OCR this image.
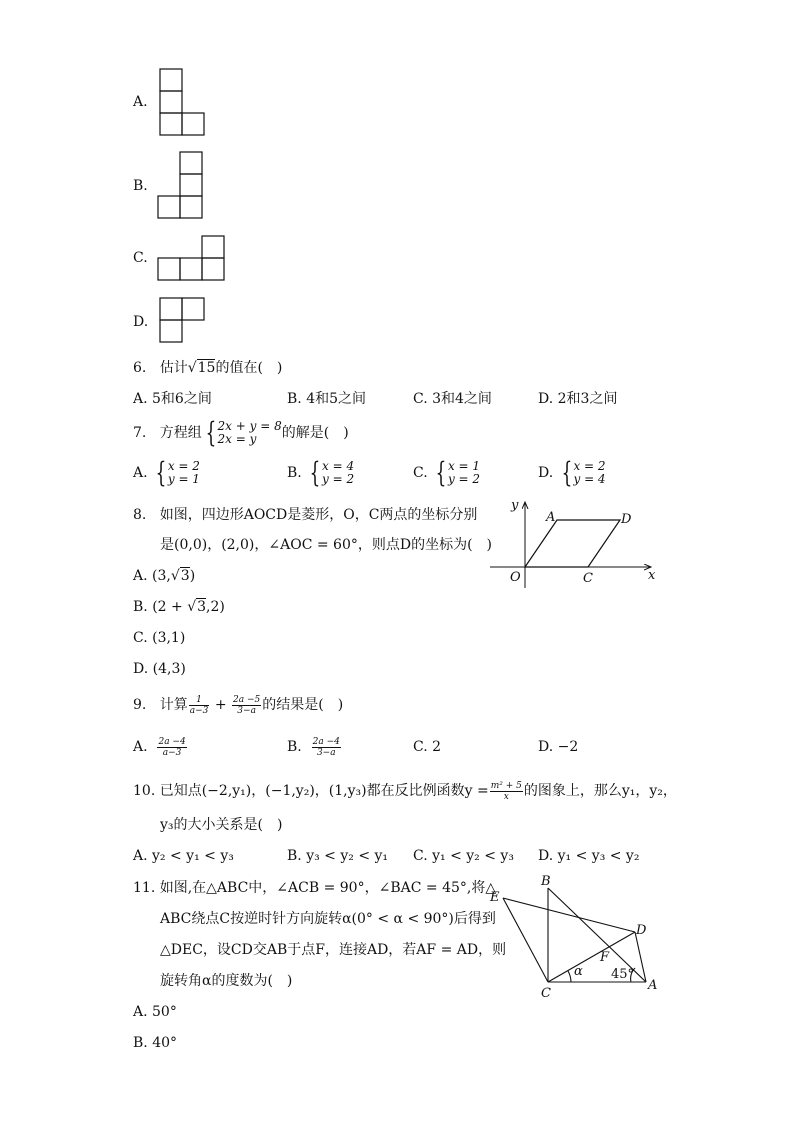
A.
B.
C.
D.
6. 估计√15的值在(　)
A. 5和6之间	B. 4和5之间	C. 3和4之间	D. 2和3之间
7. 方程组 { 2x + y = 8
2x = y	的解是(　)
A. { x = 2
y = 1	B. { x = 4
y = 2	C. { x = 1
y = 2	D. { x = 2
y = 4
8. 如图，四边形AOCD是菱形，O，C两点的坐标分别
是(0,0)，(2,0)，∠AOC = 60°，则点D的坐标为(　)
A. (3,√3)
B. (2 + √3,2)
C. (3,1)
D. (4,3)
y
x
O
A
C
D
9. 计算 $\frac{1}{a-3} + \frac{2a -5}{3-a}$ 的结果是(　)
A. $\frac{2a -4}{a-3}$	B. $\frac{2a -4}{3-a}$	C. 2	D. −2
10. 已知点(−2,y₁)，(−1,y₂)，(1,y₃)都在反比例函数$y = \frac{\text{m² + 5}}{x}$ 的图象上，那么y₁，y₂，
y₃的大小关系是(　)
A. y₂ < y₁ < y₃	B. y₃ < y₂ < y₁ C. y₁ < y₂ < y₃ D. y₁ < y₃ < y₂
11. 如图,在△ABC中，∠ACB = 90°，∠BAC = 45°,将△
ABC绕点C按逆时针方向旋转α(0° < α < 90°)后得到
△DEC，设CD交AB于点F，连接AD，若AF = AD，则
旋转角α的度数为(　)
A. 50°
B. 40°
B
E
D
F
C
A
α 45°
